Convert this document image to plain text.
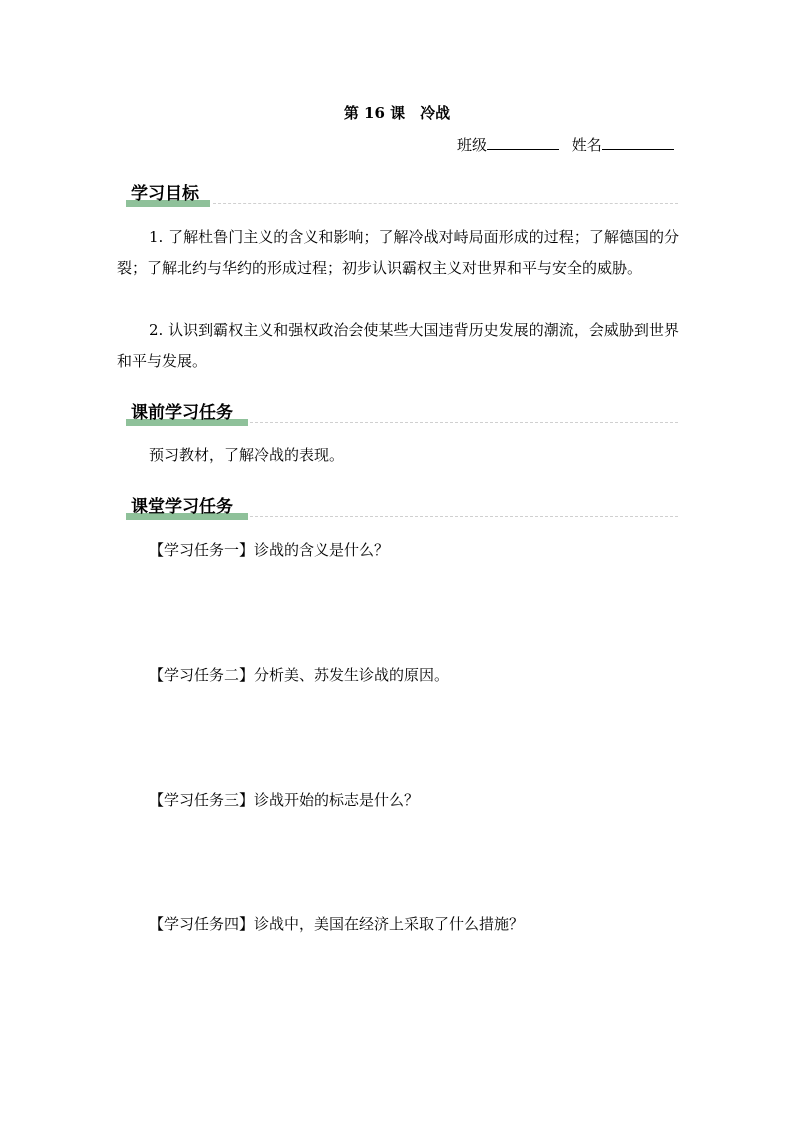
第 16 课　冷战
班级	姓名
学习目标
1. 了解杜鲁门主义的含义和影响；了解冷战对峙局面形成的过程；了解德国的分裂；了解北约与华约的形成过程；初步认识霸权主义对世界和平与安全的威胁。
2. 认识到霸权主义和强权政治会使某些大国违背历史发展的潮流，会威胁到世界和平与发展。
课前学习任务
预习教材，了解冷战的表现。
课堂学习任务
【学习任务一】诊战的含义是什么？
【学习任务二】分析美、苏发生诊战的原因。
【学习任务三】诊战开始的标志是什么？
【学习任务四】诊战中，美国在经济上采取了什么措施？
